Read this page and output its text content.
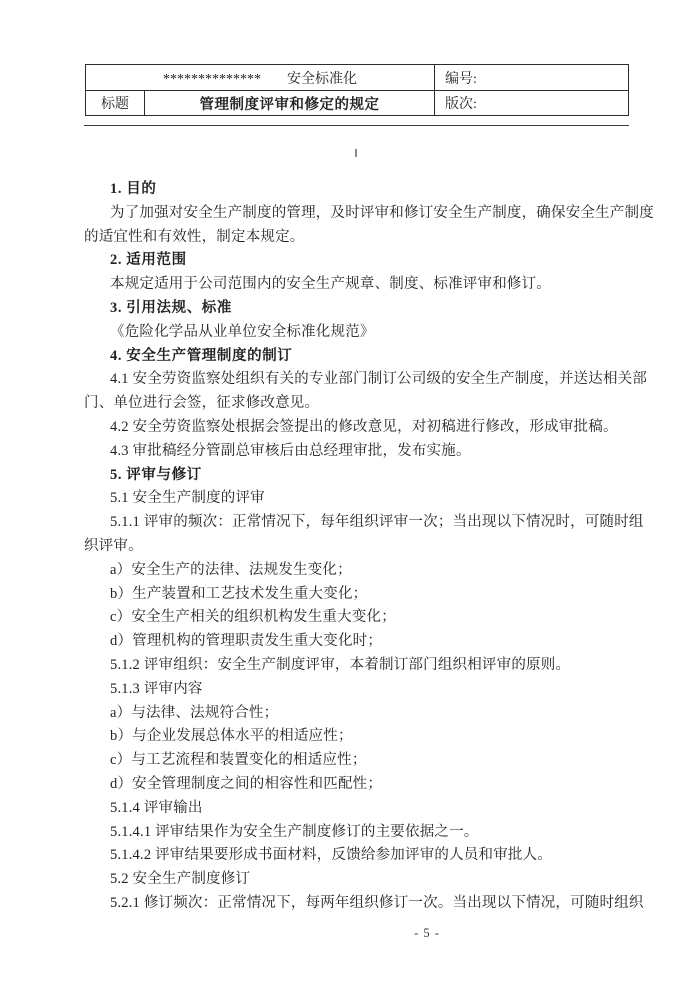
************** 安全标准化		编号:
标题	管理制度评审和修定的规定	版次:
1. 目的
为了加强对安全生产制度的管理，及时评审和修订安全生产制度，确保安全生产制度
的适宜性和有效性，制定本规定。
2. 适用范围
本规定适用于公司范围内的安全生产规章、制度、标准评审和修订。
3. 引用法规、标准
《危险化学品从业单位安全标准化规范》
4. 安全生产管理制度的制订
4.1 安全劳资监察处组织有关的专业部门制订公司级的安全生产制度，并送达相关部
门、单位进行会签，征求修改意见。
4.2 安全劳资监察处根据会签提出的修改意见，对初稿进行修改，形成审批稿。
4.3 审批稿经分管副总审核后由总经理审批，发布实施。
5. 评审与修订
5.1 安全生产制度的评审
5.1.1 评审的频次：正常情况下，每年组织评审一次；当出现以下情况时，可随时组
织评审。
a）安全生产的法律、法规发生变化；
b）生产装置和工艺技术发生重大变化；
c）安全生产相关的组织机构发生重大变化；
d）管理机构的管理职责发生重大变化时；
5.1.2 评审组织：安全生产制度评审，本着制订部门组织相评审的原则。
5.1.3 评审内容
a）与法律、法规符合性；
b）与企业发展总体水平的相适应性；
c）与工艺流程和装置变化的相适应性；
d）安全管理制度之间的相容性和匹配性；
5.1.4 评审输出
5.1.4.1 评审结果作为安全生产制度修订的主要依据之一。
5.1.4.2 评审结果要形成书面材料，反馈给参加评审的人员和审批人。
5.2 安全生产制度修订
5.2.1 修订频次：正常情况下，每两年组织修订一次。当出现以下情况，可随时组织
- 5 -
